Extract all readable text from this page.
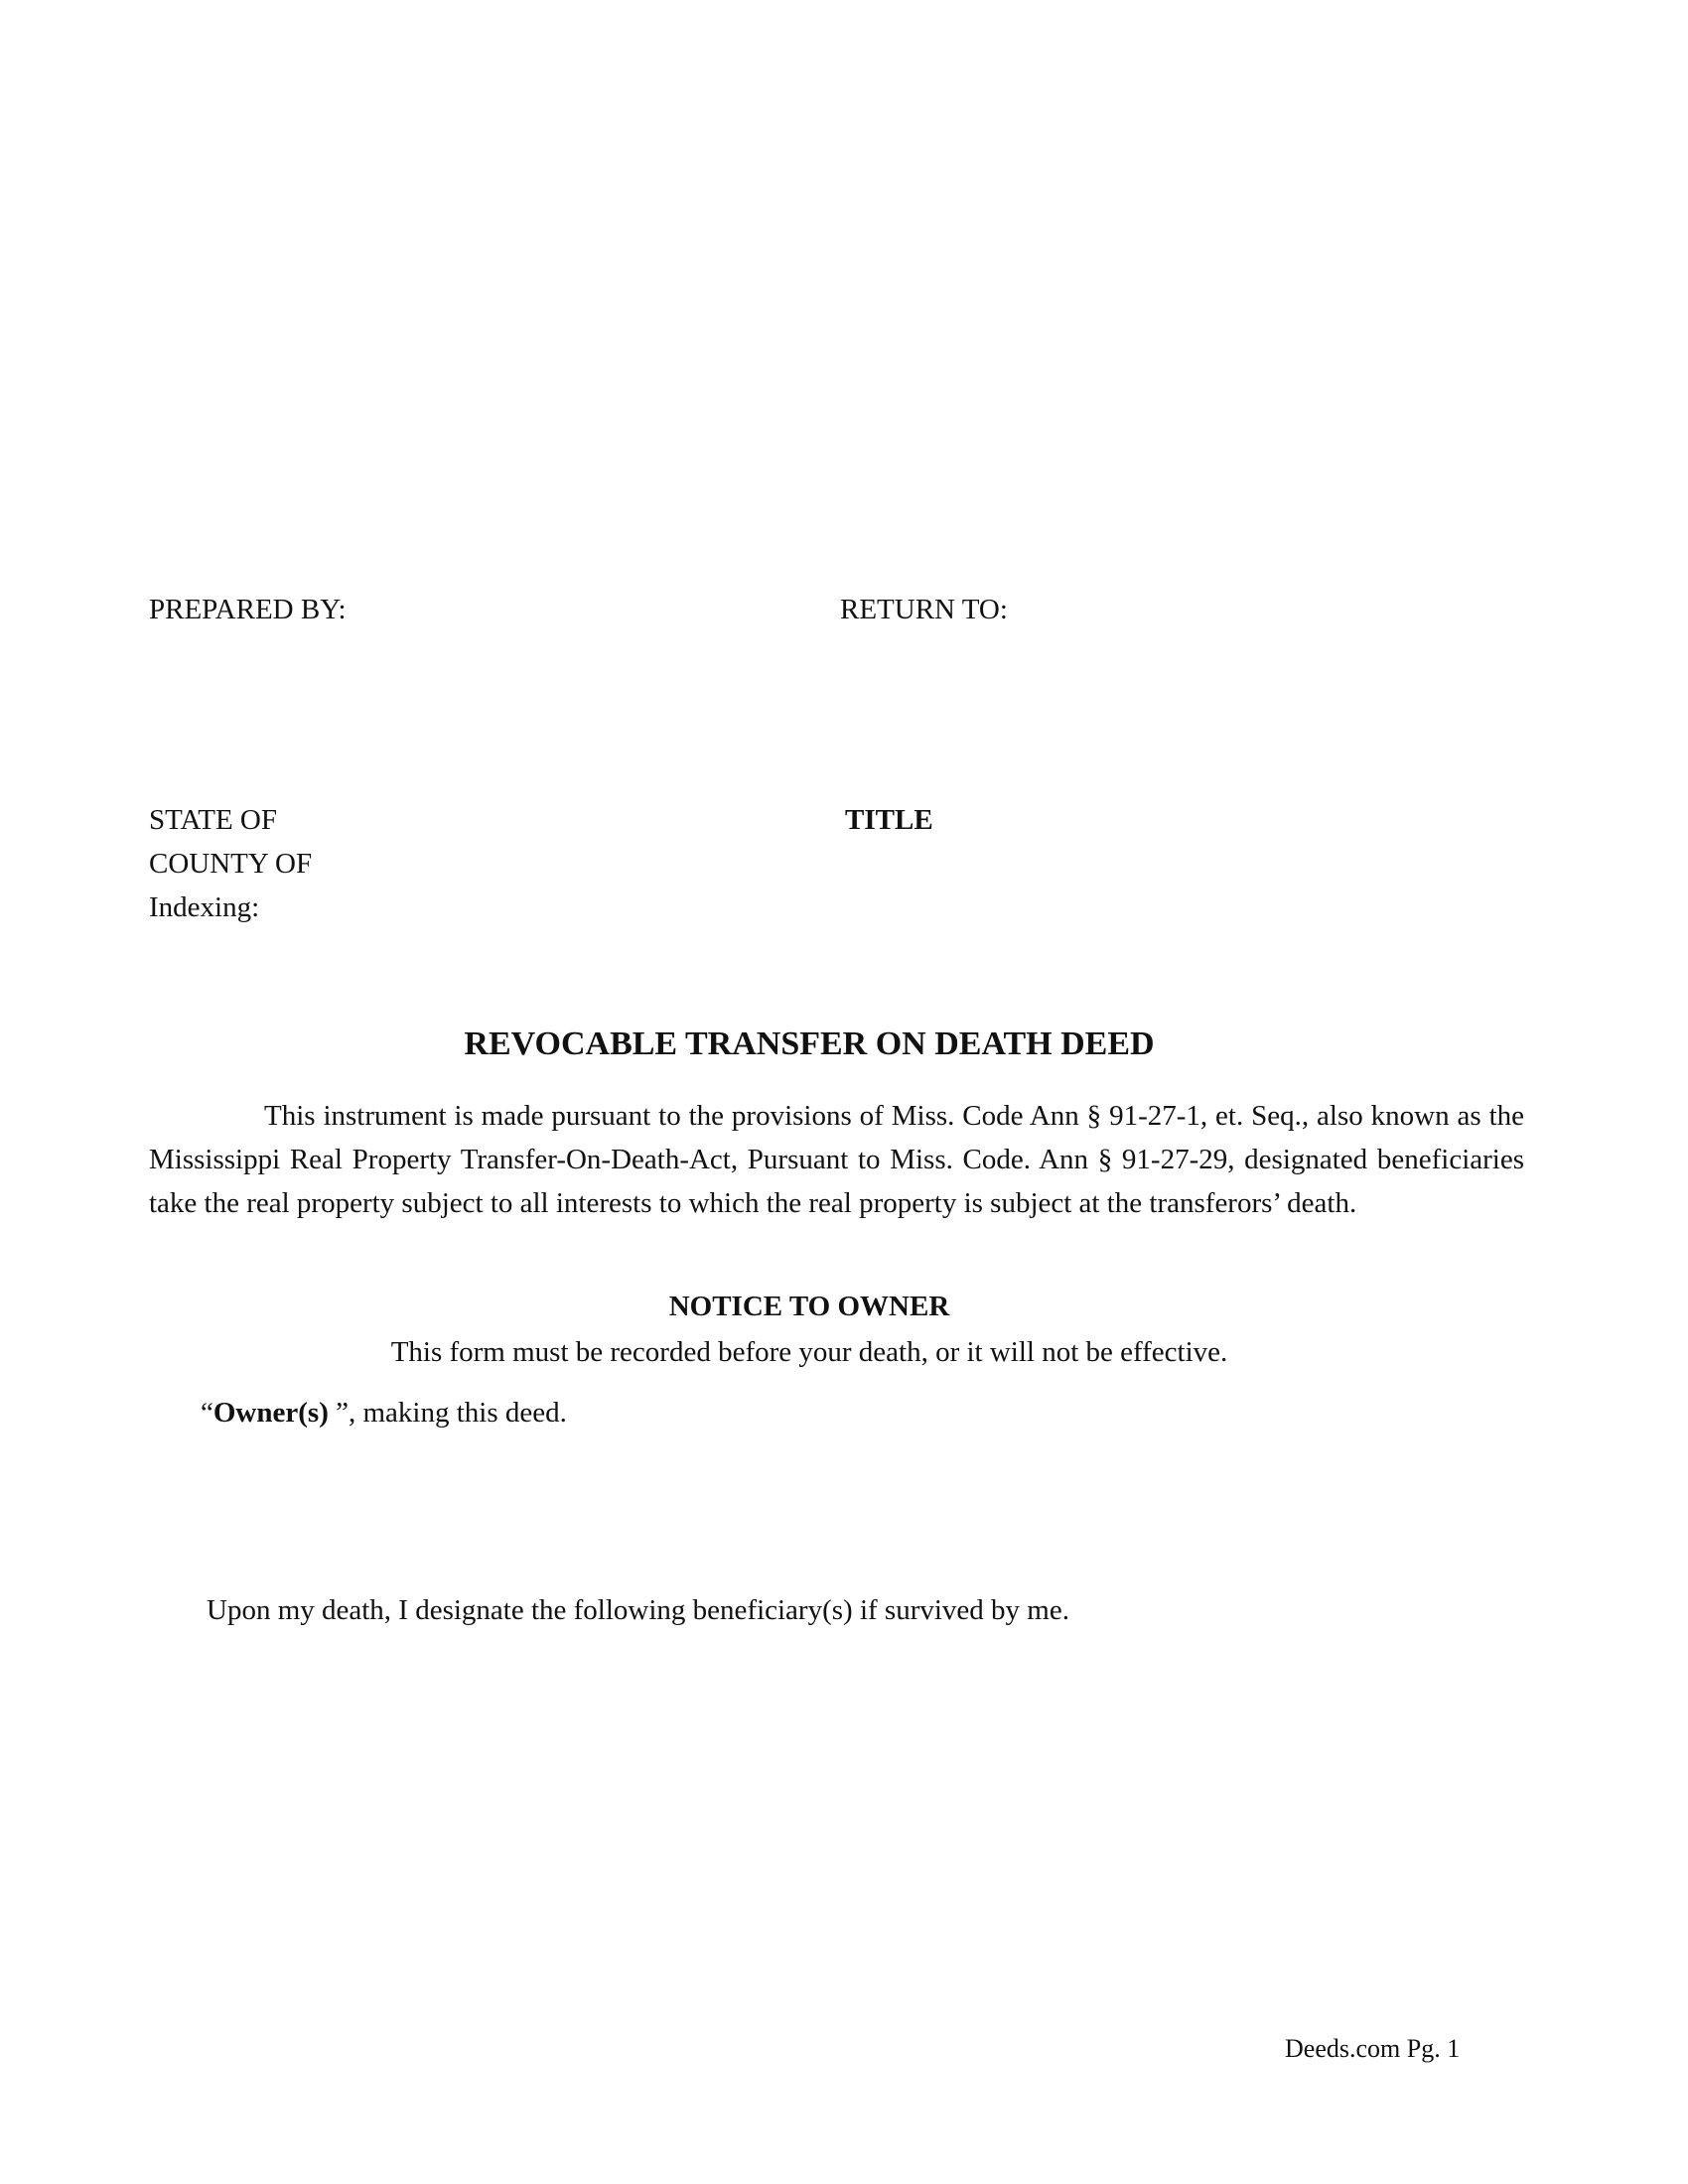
PREPARED BY:	RETURN TO:
STATE OF
COUNTY OF
Indexing:
TITLE
REVOCABLE TRANSFER ON DEATH DEED

This instrument is made pursuant to the provisions of Miss. Code Ann § 91-27-1, et. Seq., also known as the Mississippi Real Property Transfer-On-Death-Act, Pursuant to Miss. Code. Ann § 91-27-29, designated beneficiaries take the real property subject to all interests to which the real property is subject at the transferors’ death.

NOTICE TO OWNER
This form must be recorded before your death, or it will not be effective.
“Owner(s) ”, making this deed.
Upon my death, I designate the following beneficiary(s) if survived by me.
Deeds.com Pg. 1
